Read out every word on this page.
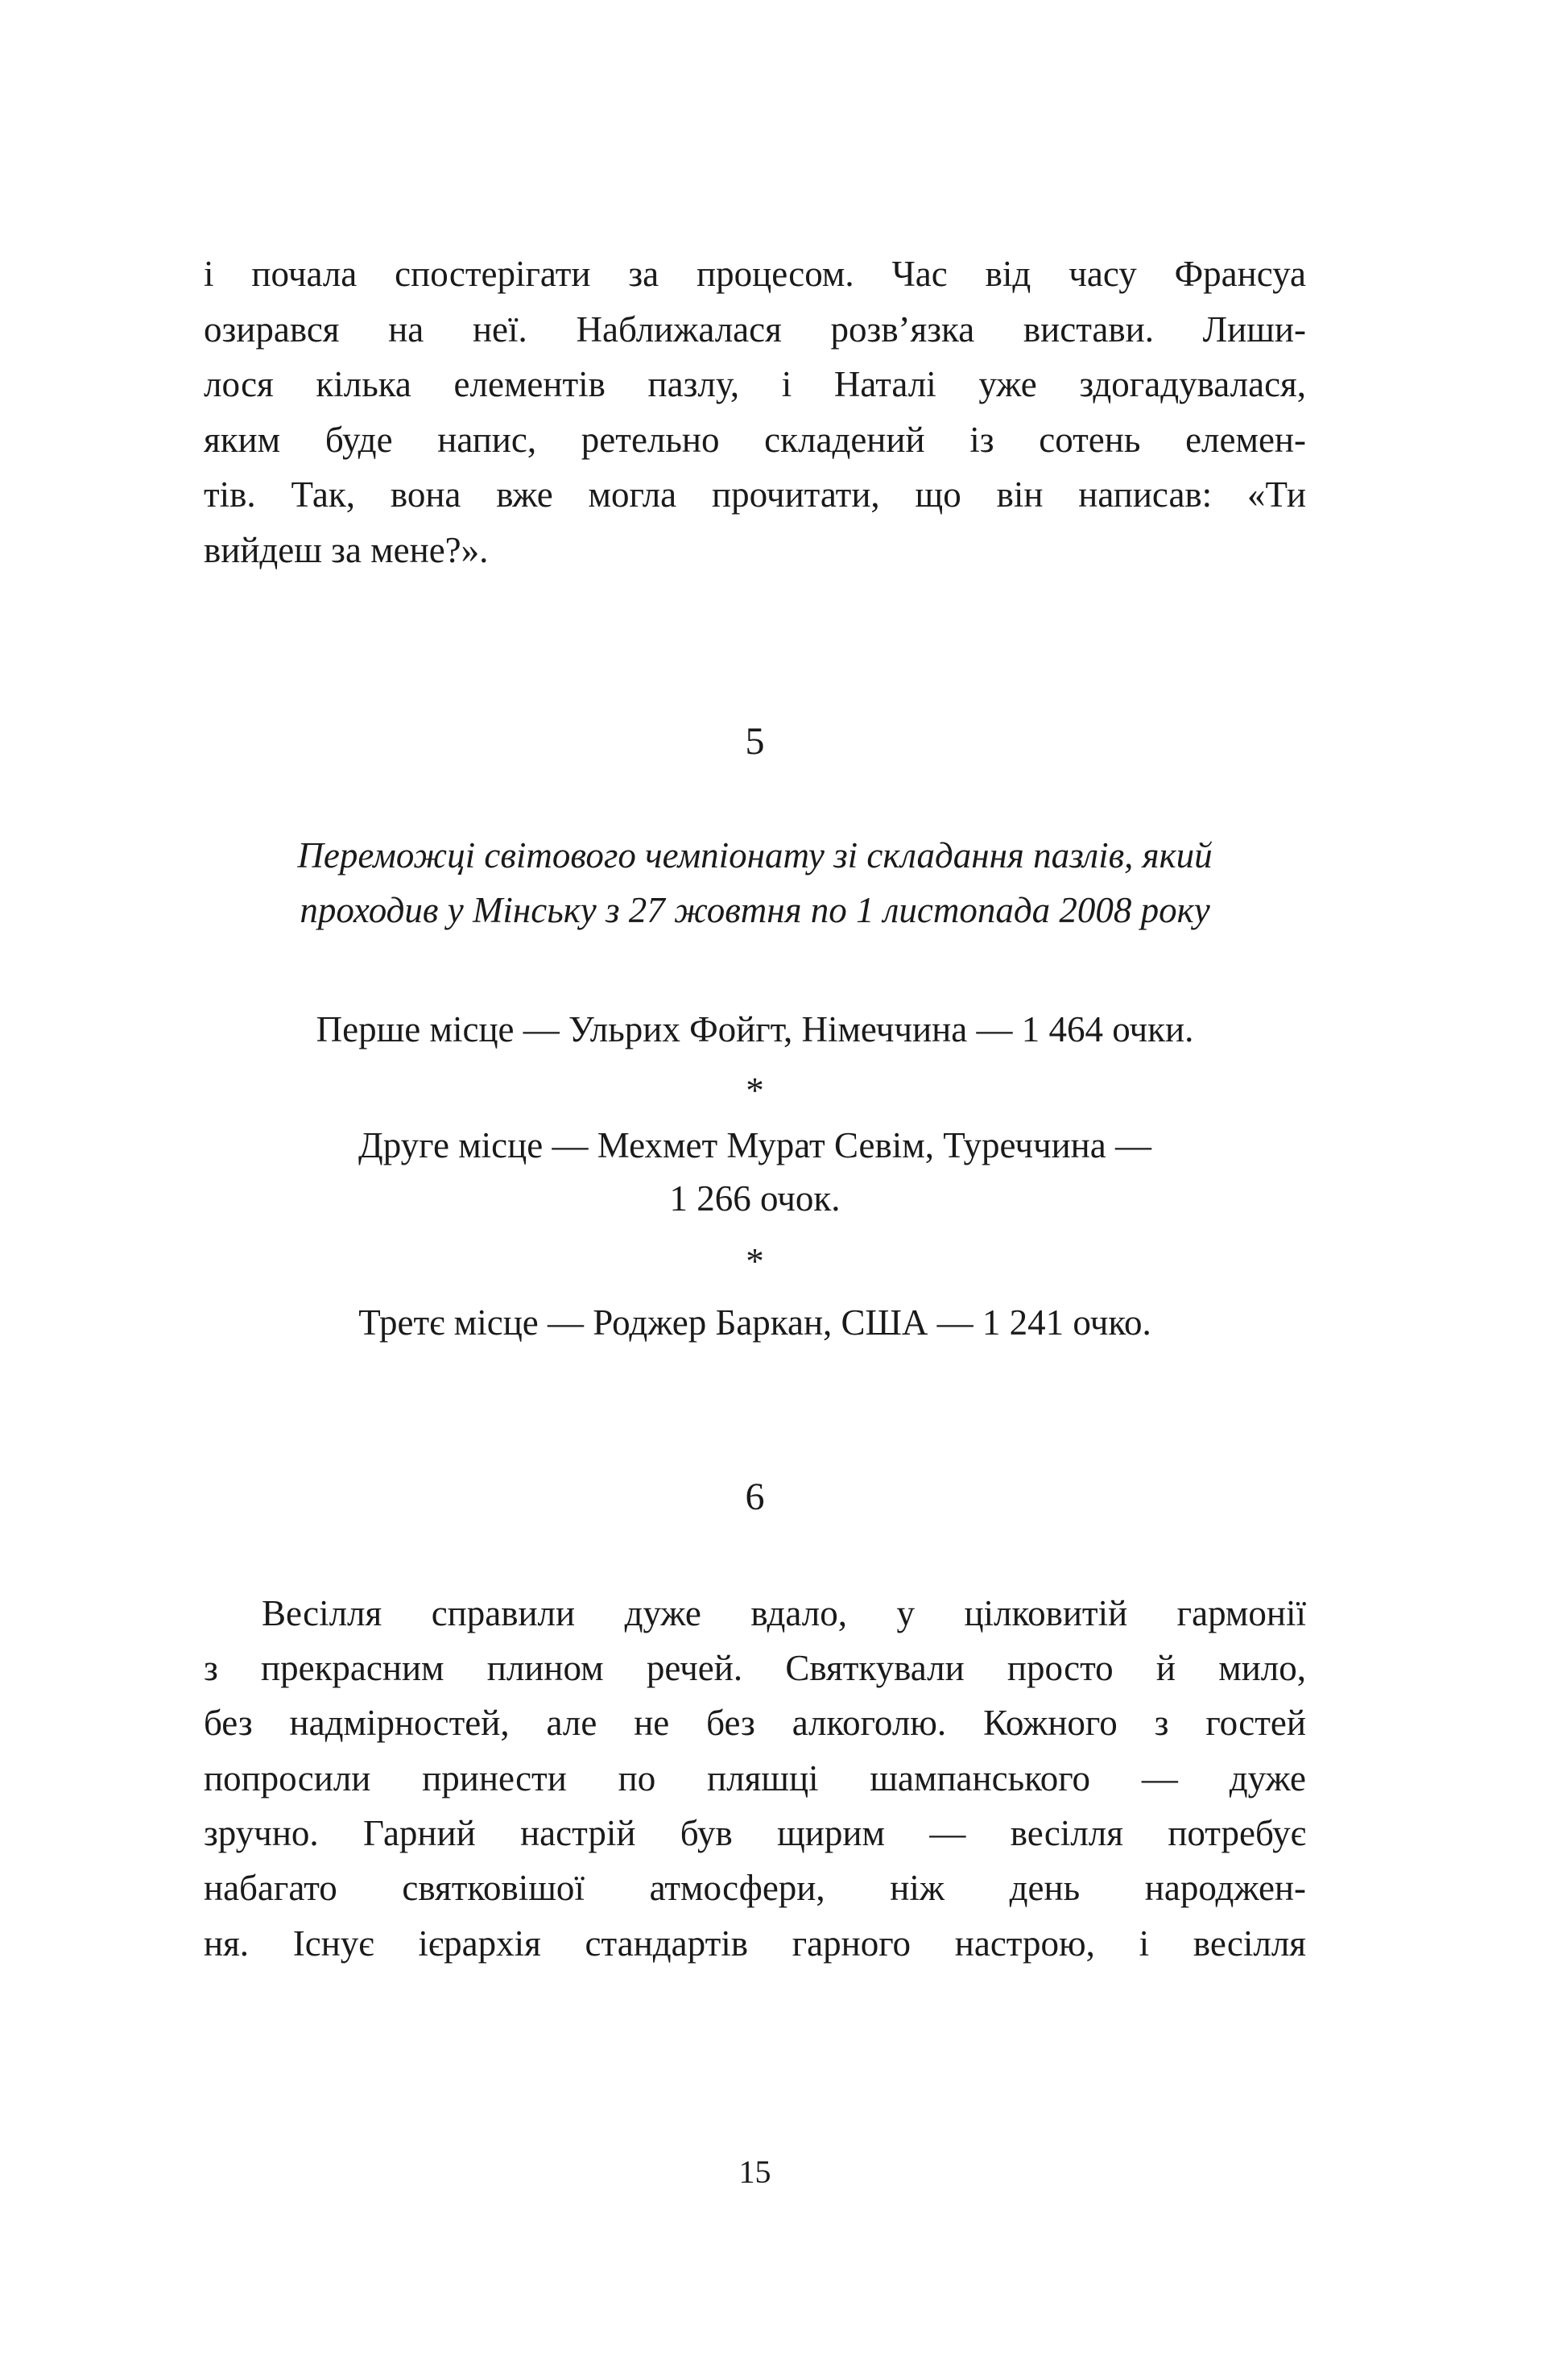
і почала спостерігати за процесом. Час від часу Франсуа
озирався на неї. Наближалася розв’язка вистави. Лиши-
лося кілька елементів пазлу, і Наталі уже здогадувалася,
яким буде напис, ретельно складений із сотень елемен-
тів. Так, вона вже могла прочитати, що він написав: «Ти
вийдеш за мене?».
5
Переможці світового чемпіонату зі складання пазлів, який
проходив у Мінську з 27 жовтня по 1 листопада 2008 року
Перше місце — Ульрих Фойгт, Німеччина — 1 464 очки.
*
Друге місце — Мехмет Мурат Севім, Туреччина —
1 266 очок.
*
Третє місце — Роджер Баркан, США — 1 241 очко.
6
Весілля справили дуже вдало, у цілковитій гармонії
з прекрасним плином речей. Святкували просто й мило,
без надмірностей, але не без алкоголю. Кожного з гостей
попросили принести по пляшці шампанського — дуже
зручно. Гарний настрій був щирим — весілля потребує
набагато святковішої атмосфери, ніж день народжен-
ня. Існує ієрархія стандартів гарного настрою, і весілля
15
